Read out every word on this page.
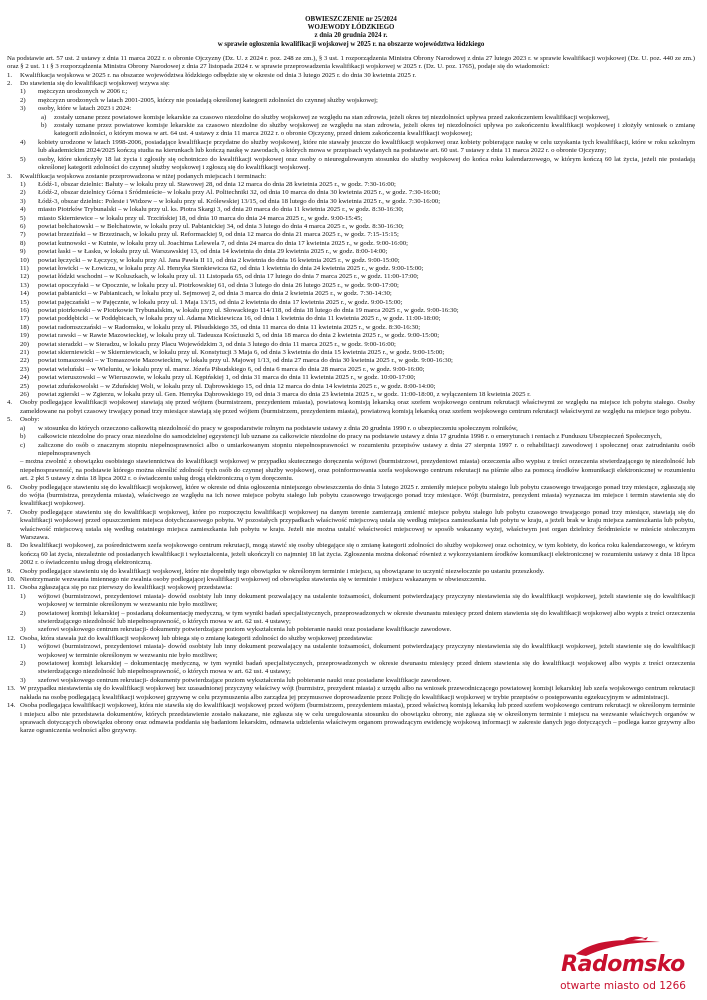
OBWIESZCZENIE nr 25/2024

WOJEWODY ŁÓDZKIEGO

z dnia 20 grudnia 2024 r.

w sprawie ogłoszenia kwalifikacji wojskowej w 2025 r. na obszarze województwa łódzkiego

Na podstawie art. 57 ust. 2 ustawy z dnia 11 marca 2022 r. o obronie Ojczyzny (Dz. U. z 2024 r. poz. 248 ze zm.), § 3 ust. 1 rozporządzenia Ministra Obrony Narodowej z dnia 27 lutego 2023 r. w sprawie kwalifikacji wojskowej (Dz. U. poz. 440 ze zm.) oraz § 2 ust. 1 i § 3 rozporządzenia Ministra Obrony Narodowej z dnia 27 listopada 2024 r. w sprawie przeprowadzenia kwalifikacji wojskowej w 2025 r. (Dz. U. poz. 1765), podaje się do wiadomości:

1.	Kwalifikacja wojskowa w 2025 r. na obszarze województwa łódzkiego odbędzie się w okresie od dnia 3 lutego 2025 r. do dnia 30 kwietnia 2025 r.
2.	Do stawienia się do kwalifikacji wojskowej wzywa się:
1)	mężczyzn urodzonych w 2006 r.;
2)	mężczyzn urodzonych w latach 2001-2005, którzy nie posiadają określonej kategorii zdolności do czynnej służby wojskowej;
3)	osoby, które w latach 2023 i 2024:
a)	zostały uznane przez powiatowe komisje lekarskie za czasowo niezdolne do służby wojskowej ze względu na stan zdrowia, jeżeli okres tej niezdolności upływa przed zakończeniem kwalifikacji wojskowej,
b)	zostały uznane przez powiatowe komisje lekarskie za czasowo niezdolne do służby wojskowej ze względu na stan zdrowia, jeżeli okres tej niezdolności upływa po zakończeniu kwalifikacji wojskowej i złożyły wniosek o zmianę kategorii zdolności, o którym mowa w art. 64 ust. 4 ustawy z dnia 11 marca 2022 r. o obronie Ojczyzny, przed dniem zakończenia kwalifikacji wojskowej;
4)	kobiety urodzone w latach 1998-2006, posiadające kwalifikacje przydatne do służby wojskowej, które nie stawały jeszcze do kwalifikacji wojskowej oraz kobiety pobierające naukę w celu uzyskania tych kwalifikacji, które w roku szkolnym lub akademickim 2024/2025 kończą studia na kierunkach lub kończą naukę w zawodach, o których mowa w przepisach wydanych na podstawie art. 60 ust. 7 ustawy z dnia 11 marca 2022 r. o obronie Ojczyzny;
5)	osoby, które ukończyły 18 lat życia i zgłosiły się ochotniczo do kwalifikacji wojskowej oraz osoby o nieuregulowanym stosunku do służby wojskowej do końca roku kalendarzowego, w którym kończą 60 lat życia, jeżeli nie posiadają określonej kategorii zdolności do czynnej służby wojskowej i zgłoszą się do kwalifikacji wojskowej.
3.	Kwalifikacja wojskowa zostanie przeprowadzona w niżej podanych miejscach i terminach:
1)	Łódź-1, obszar dzielnic: Bałuty – w lokalu przy ul. Stawowej 28, od dnia 12 marca do dnia 28 kwietnia 2025 r., w godz. 7:30-16:00;
2)	Łódź-2, obszar dzielnicy Górna i Śródmieście– w lokalu przy Al. Politechniki 32, od dnia 10 marca do dnia 30 kwietnia 2025 r., w godz. 7:30-16:00;
3)	Łódź-3, obszar dzielnic: Polesie i Widzew – w lokalu przy ul. Królewskiej 13/15, od dnia 18 lutego do dnia 30 kwietnia 2025 r., w godz. 7:30-16:00;
4)	miasto Piotrków Trybunalski – w lokalu przy ul. ks. Piotra Skargi 3, od dnia 20 marca do dnia 11 kwietnia 2025 r., w godz. 8:30-16:30;
5)	miasto Skierniewice – w lokalu przy ul. Trzcińskiej 18, od dnia 10 marca do dnia 24 marca 2025 r., w godz. 9:00-15:45;
6)	powiat bełchatowski – w Bełchatowie, w lokalu przy ul. Pabianickiej 34, od dnia 3 lutego do dnia 4 marca 2025 r., w godz. 8:30-16:30;
7)	powiat brzeziński – w Brzezinach, w lokalu przy ul. Reformackiej 9, od dnia 12 marca do dnia 21 marca 2025 r., w godz. 7:15-15:15;
8)	powiat kutnowski - w Kutnie, w lokalu przy ul. Joachima Lelewela 7, od dnia 24 marca do dnia 17 kwietnia 2025 r., w godz. 9:00-16:00;
9)	powiat łaski – w Łasku, w lokalu przy ul. Warszawskiej 13, od dnia 14 kwietnia do dnia 29 kwietnia 2025 r., w godz. 8:00-14:00;
10)	powiat łęczycki – w Łęczycy, w lokalu przy Al. Jana Pawła II 11, od dnia 2 kwietnia do dnia 16 kwietnia 2025 r., w godz. 9:00-15:00;
11)	powiat łowicki – w Łowiczu, w lokalu przy Al. Henryka Sienkiewicza 62, od dnia 1 kwietnia do dnia 24 kwietnia 2025 r., w godz. 9:00-15:00;
12)	powiat łódzki wschodni – w Koluszkach, w lokalu przy ul. 11 Listopada 65, od dnia 17 lutego do dnia 7 marca 2025 r., w godz. 11:00-17:00;
13)	powiat opoczyński – w Opocznie, w lokalu przy ul. Piotrkowskiej 61, od dnia 3 lutego do dnia 26 lutego 2025 r., w godz. 9:00-17:00;
14)	powiat pabianicki – w Pabianicach, w lokalu przy ul. Sejmowej 2, od dnia 3 marca do dnia 2 kwietnia 2025 r., w godz. 7:30-14:30;
15)	powiat pajęczański – w Pajęcznie, w lokalu przy ul. 1 Maja 13/15, od dnia 2 kwietnia do dnia 17 kwietnia 2025 r., w godz. 9:00-15:00;
16)	powiat piotrkowski – w Piotrkowie Trybunalskim, w lokalu przy ul. Słowackiego 114/118, od dnia 18 lutego do dnia 19 marca 2025 r., w godz. 9:00-16:30;
17)	powiat poddębicki – w Poddębicach, w lokalu przy ul. Adama Mickiewicza 16, od dnia 1 kwietnia do dnia 11 kwietnia 2025 r., w godz. 11:00-18:00;
18)	powiat radomszczański – w Radomsku, w lokalu przy ul. Piłsudskiego 35, od dnia 11 marca do dnia 11 kwietnia 2025 r., w godz. 8:30-16:30;
19)	powiat rawski – w Rawie Mazowieckiej, w lokalu przy ul. Tadeusza Kościuszki 5, od dnia 18 marca do dnia 2 kwietnia 2025 r., w godz. 9:00-15:00;
20)	powiat sieradzki – w Sieradzu, w lokalu przy Placu Wojewódzkim 3, od dnia 3 lutego do dnia 11 marca 2025 r., w godz. 9:00-16:00;
21)	powiat skierniewicki – w Skierniewicach, w lokalu przy ul. Konstytucji 3 Maja 6, od dnia 3 kwietnia do dnia 15 kwietnia 2025 r., w godz. 9:00-15:00;
22)	powiat tomaszowski – w Tomaszowie Mazowieckim, w lokalu przy ul. Majowej 1/13, od dnia 27 marca do dnia 30 kwietnia 2025 r., w godz. 9:00-16:30;
23)	powiat wieluński – w Wieluniu, w lokalu przy ul. marsz. Józefa Piłsudskiego 6, od dnia 6 marca do dnia 28 marca 2025 r., w godz. 9:00-16:00;
24)	powiat wieruszowski – w Wieruszowie, w lokalu przy ul. Kępińskiej 1, od dnia 31 marca do dnia 11 kwietnia 2025 r., w godz. 10:00-17:00;
25)	powiat zduńskowolski – w Zduńskiej Woli, w lokalu przy ul. Dąbrowskiego 15, od dnia 12 marca do dnia 14 kwietnia 2025 r., w godz. 8:00-14:00;
26)	powiat zgierski – w Zgierzu, w lokalu przy ul. Gen. Henryka Dąbrowskiego 19, od dnia 3 marca do dnia 23 kwietnia 2025 r., w godz. 11:00-18:00, z wyłączeniem 18 kwietnia 2025 r.
4.	Osoby podlegające kwalifikacji wojskowej stawiają się przed wójtem (burmistrzem, prezydentem miasta), powiatową komisją lekarską oraz szefem wojskowego centrum rekrutacji właściwymi ze względu na miejsce ich pobytu stałego. Osoby zameldowane na pobyt czasowy trwający ponad trzy miesiące stawiają się przed wójtem (burmistrzem, prezydentem miasta), powiatową komisją lekarską oraz szefem wojskowego centrum rekrutacji właściwymi ze względu na miejsce tego pobytu.
5.	Osoby:
a)	w stosunku do których orzeczono całkowitą niezdolność do pracy w gospodarstwie rolnym na podstawie ustawy z dnia 20 grudnia 1990 r. o ubezpieczeniu społecznym rolników,
b)	całkowicie niezdolne do pracy oraz niezdolne do samodzielnej egzystencji lub uznane za całkowicie niezdolne do pracy na podstawie ustawy z dnia 17 grudnia 1998 r. o emeryturach i rentach z Funduszu Ubezpieczeń Społecznych,
c)	zaliczone do osób o znacznym stopniu niepełnosprawności albo o umiarkowanym stopniu niepełnosprawności w rozumieniu przepisów ustawy z dnia 27 sierpnia 1997 r. o rehabilitacji zawodowej i społecznej oraz zatrudnianiu osób niepełnosprawnych

– można zwolnić z obowiązku osobistego stawiennictwa do kwalifikacji wojskowej w przypadku skutecznego doręczenia wójtowi (burmistrzowi, prezydentowi miasta) orzeczenia albo wypisu z treści orzeczenia stwierdzającego tę niezdolność lub niepełnosprawność, na podstawie którego można określić zdolność tych osób do czynnej służby wojskowej, oraz poinformowania szefa wojskowego centrum rekrutacji na piśmie albo za pomocą środków komunikacji elektronicznej w rozumieniu art. 2 pkt 5 ustawy z dnia 18 lipca 2002 r. o świadczeniu usług drogą elektroniczną o tym doręczeniu.

6.	Osoby podlegające stawieniu się do kwalifikacji wojskowej, które w okresie od dnia ogłoszenia niniejszego obwieszczenia do dnia 3 lutego 2025 r. zmieniły miejsce pobytu stałego lub pobytu czasowego trwającego ponad trzy miesiące, zgłaszają się do wójta (burmistrza, prezydenta miasta), właściwego ze względu na ich nowe miejsce pobytu stałego lub pobytu czasowego trwającego ponad trzy miesiące. Wójt (burmistrz, prezydent miasta) wyznacza im miejsce i termin stawienia się do kwalifikacji wojskowej.
7.	Osoby podlegające stawieniu się do kwalifikacji wojskowej, które po rozpoczęciu kwalifikacji wojskowej na danym terenie zamierzają zmienić miejsce pobytu stałego lub pobytu czasowego trwającego ponad trzy miesiące, stawiają się do kwalifikacji wojskowej przed opuszczeniem miejsca dotychczasowego pobytu. W pozostałych przypadkach właściwość miejscową ustala się według miejsca zamieszkania lub pobytu w kraju, a jeżeli brak w kraju miejsca zamieszkania lub pobytu, właściwość miejscową ustala się według ostatniego miejsca zamieszkania lub pobytu w kraju. Jeżeli nie można ustalić właściwości miejscowej w sposób wskazany wyżej, właściwym jest organ dzielnicy Śródmieście w mieście stołecznym Warszawa.
8.	Do kwalifikacji wojskowej, za pośrednictwem szefa wojskowego centrum rekrutacji, mogą stawić się osoby ubiegające się o zmianę kategorii zdolności do służby wojskowej oraz ochotnicy, w tym kobiety, do końca roku kalendarzowego, w którym kończą 60 lat życia, niezależnie od posiadanych kwalifikacji i wykształcenia, jeżeli ukończyli co najmniej 18 lat życia. Zgłoszenia można dokonać również z wykorzystaniem środków komunikacji elektronicznej w rozumieniu ustawy z dnia 18 lipca 2002 r. o świadczeniu usług drogą elektroniczną.
9.	Osoby podlegające stawieniu się do kwalifikacji wojskowej, które nie dopełniły tego obowiązku w określonym terminie i miejscu, są obowiązane to uczynić niezwłocznie po ustaniu przeszkody.
10. Nieotrzymanie wezwania imiennego nie zwalnia osoby podlegającej kwalifikacji wojskowej od obowiązku stawienia się w terminie i miejscu wskazanym w obwieszczeniu.
11. Osoba zgłaszająca się po raz pierwszy do kwalifikacji wojskowej przedstawia:
1)	wójtowi (burmistrzowi, prezydentowi miasta)- dowód osobisty lub inny dokument pozwalający na ustalenie tożsamości, dokument potwierdzający przyczyny niestawienia się do kwalifikacji wojskowej, jeżeli stawienie się do kwalifikacji wojskowej w terminie określonym w wezwaniu nie było możliwe;
2)	powiatowej komisji lekarskiej – posiadaną dokumentację medyczną, w tym wyniki badań specjalistycznych, przeprowadzonych w okresie dwunastu miesięcy przed dniem stawienia się do kwalifikacji wojskowej albo wypis z treści orzeczenia stwierdzającego niezdolność lub niepełnosprawność, o których mowa w art. 62 ust. 4 ustawy;
3)	szefowi wojskowego centrum rekrutacji- dokumenty potwierdzające poziom wykształcenia lub pobieranie nauki oraz posiadane kwalifikacje zawodowe.
12. Osoba, która stawała już do kwalifikacji wojskowej lub ubiega się o zmianę kategorii zdolności do służby wojskowej przedstawia:
1)	wójtowi (burmistrzowi, prezydentowi miasta)- dowód osobisty lub inny dokument pozwalający na ustalenie tożsamości, dokument potwierdzający przyczyny niestawienia się do kwalifikacji wojskowej, jeżeli stawienie się do kwalifikacji wojskowej w terminie określonym w wezwaniu nie było możliwe;
2)	powiatowej komisji lekarskiej – dokumentację medyczną, w tym wyniki badań specjalistycznych, przeprowadzonych w okresie dwunastu miesięcy przed dniem stawienia się do kwalifikacji wojskowej albo wypis z treści orzeczenia stwierdzającego niezdolność lub niepełnosprawność, o których mowa w art. 62 ust. 4 ustawy;
3)	szefowi wojskowego centrum rekrutacji- dokumenty potwierdzające poziom wykształcenia lub pobieranie nauki oraz posiadane kwalifikacje zawodowe.
13. W przypadku niestawienia się do kwalifikacji wojskowej bez uzasadnionej przyczyny właściwy wójt (burmistrz, prezydent miasta) z urzędu albo na wniosek przewodniczącego powiatowej komisji lekarskiej lub szefa wojskowego centrum rekrutacji nakłada na osobę podlegającą kwalifikacji wojskowej grzywnę w celu przymuszenia albo zarządza jej przymusowe doprowadzenie przez Policję do kwalifikacji wojskowej w trybie przepisów o postępowaniu egzekucyjnym w administracji.
14. Osoba podlegająca kwalifikacji wojskowej, która nie stawiła się do kwalifikacji wojskowej przed wójtem (burmistrzem, prezydentem miasta), przed właściwą komisją lekarską lub przed szefem wojskowego centrum rekrutacji w określonym terminie i miejscu albo nie przedstawia dokumentów, których przedstawienie zostało nakazane, nie zgłasza się w celu uregulowania stosunku do obowiązku obrony, nie zgłasza się w określonym terminie i miejscu na wezwanie właściwych organów w sprawach dotyczących obowiązku obrony oraz odmawia poddania się badaniom lekarskim, odmawia udzielenia właściwym organom prowadzącym ewidencję wojskową informacji w zakresie danych jego dotyczących – podlega karze grzywny albo karze ograniczenia wolności albo grzywny.
Radomsko
otwarte miasto od 1266
